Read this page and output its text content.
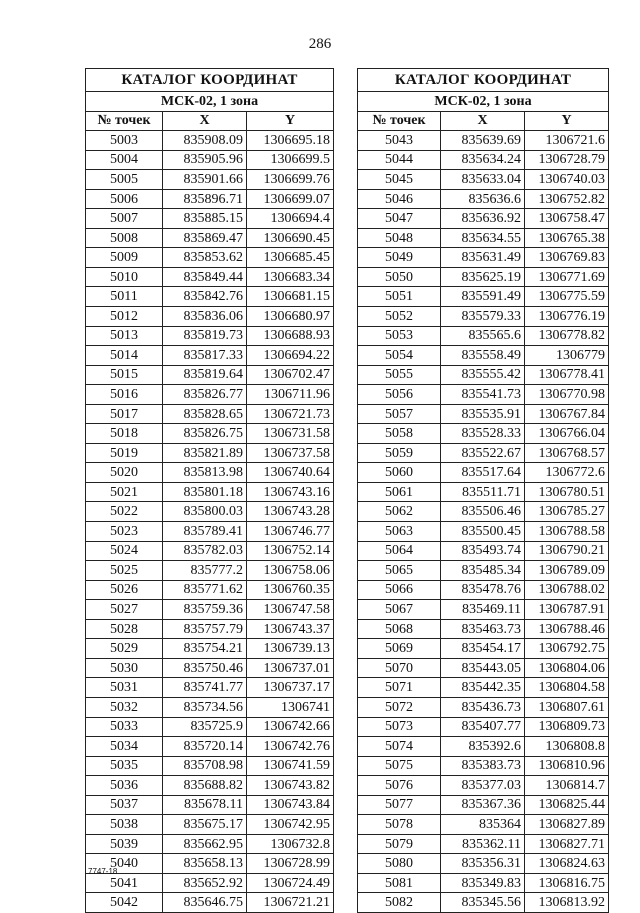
286
КАТАЛОГ КООРДИНАТ		
МСК-02, 1 зона		
№ точек	X	Y
5003	835908.09	1306695.18
5004	835905.96	1306699.5
5005	835901.66	1306699.76
5006	835896.71	1306699.07
5007	835885.15	1306694.4
5008	835869.47	1306690.45
5009	835853.62	1306685.45
5010	835849.44	1306683.34
5011	835842.76	1306681.15
5012	835836.06	1306680.97
5013	835819.73	1306688.93
5014	835817.33	1306694.22
5015	835819.64	1306702.47
5016	835826.77	1306711.96
5017	835828.65	1306721.73
5018	835826.75	1306731.58
5019	835821.89	1306737.58
5020	835813.98	1306740.64
5021	835801.18	1306743.16
5022	835800.03	1306743.28
5023	835789.41	1306746.77
5024	835782.03	1306752.14
5025	835777.2	1306758.06
5026	835771.62	1306760.35
5027	835759.36	1306747.58
5028	835757.79	1306743.37
5029	835754.21	1306739.13
5030	835750.46	1306737.01
5031	835741.77	1306737.17
5032	835734.56	1306741
5033	835725.9	1306742.66
5034	835720.14	1306742.76
5035	835708.98	1306741.59
5036	835688.82	1306743.82
5037	835678.11	1306743.84
5038	835675.17	1306742.95
5039	835662.95	1306732.8
5040	835658.13	1306728.99
5041	835652.92	1306724.49
5042	835646.75	1306721.21
КАТАЛОГ КООРДИНАТ		
МСК-02, 1 зона		
№ точек	X	Y
5043	835639.69	1306721.6
5044	835634.24	1306728.79
5045	835633.04	1306740.03
5046	835636.6	1306752.82
5047	835636.92	1306758.47
5048	835634.55	1306765.38
5049	835631.49	1306769.83
5050	835625.19	1306771.69
5051	835591.49	1306775.59
5052	835579.33	1306776.19
5053	835565.6	1306778.82
5054	835558.49	1306779
5055	835555.42	1306778.41
5056	835541.73	1306770.98
5057	835535.91	1306767.84
5058	835528.33	1306766.04
5059	835522.67	1306768.57
5060	835517.64	1306772.6
5061	835511.71	1306780.51
5062	835506.46	1306785.27
5063	835500.45	1306788.58
5064	835493.74	1306790.21
5065	835485.34	1306789.09
5066	835478.76	1306788.02
5067	835469.11	1306787.91
5068	835463.73	1306788.46
5069	835454.17	1306792.75
5070	835443.05	1306804.06
5071	835442.35	1306804.58
5072	835436.73	1306807.61
5073	835407.77	1306809.73
5074	835392.6	1306808.8
5075	835383.73	1306810.96
5076	835377.03	1306814.7
5077	835367.36	1306825.44
5078	835364	1306827.89
5079	835362.11	1306827.71
5080	835356.31	1306824.63
5081	835349.83	1306816.75
5082	835345.56	1306813.92
7747-18
